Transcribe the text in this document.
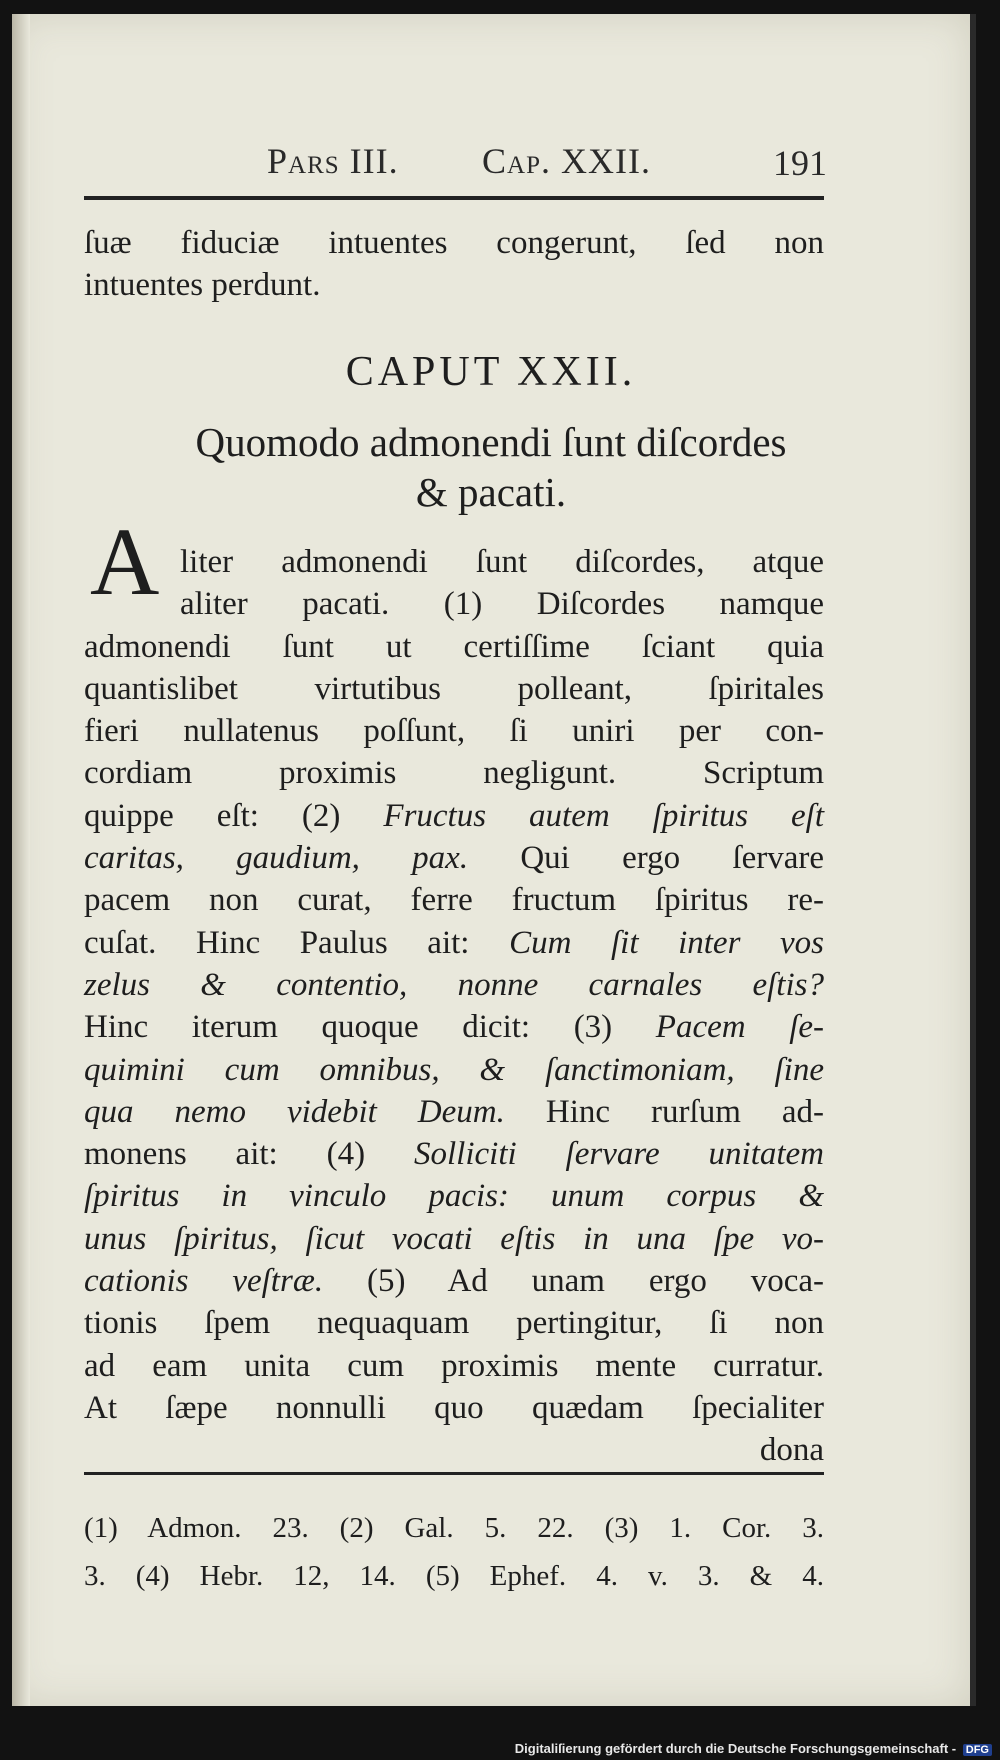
Pars III. Cap. XXII.	191
ſuæ fiduciæ intuentes congerunt, ſed non
intuentes perdunt.
CAPUT XXII.
Quomodo admonendi ſunt diſcordes
& pacati.
A liter admonendi ſunt diſcordes, atque
aliter pacati. (1) Diſcordes namque
admonendi ſunt ut certiſſime ſciant quia
quantislibet virtutibus polleant, ſpiritales
fieri nullatenus poſſunt, ſi uniri per con-
cordiam proximis negligunt. Scriptum
quippe eſt: (2) Fructus autem ſpiritus eſt
caritas, gaudium, pax. Qui ergo ſervare
pacem non curat, ferre fructum ſpiritus re-
cuſat. Hinc Paulus ait: Cum ſit inter vos
zelus & contentio, nonne carnales eſtis?
Hinc iterum quoque dicit: (3) Pacem ſe-
quimini cum omnibus, & ſanctimoniam, ſine
qua nemo videbit Deum. Hinc rurſum ad-
monens ait: (4) Solliciti ſervare unitatem
ſpiritus in vinculo pacis: unum corpus &
unus ſpiritus, ſicut vocati eſtis in una ſpe vo-
cationis veſtræ. (5) Ad unam ergo voca-
tionis ſpem nequaquam pertingitur, ſi non
ad eam unita cum proximis mente curratur.
At ſæpe nonnulli quo quædam ſpecialiter
dona
(1) Admon. 23. (2) Gal. 5. 22. (3) 1. Cor. 3.
3. (4) Hebr. 12, 14. (5) Ephef. 4. v. 3. & 4.
Digitaliſierung gefördert durch die Deutsche Forschungsgemeinschaft - DFG
